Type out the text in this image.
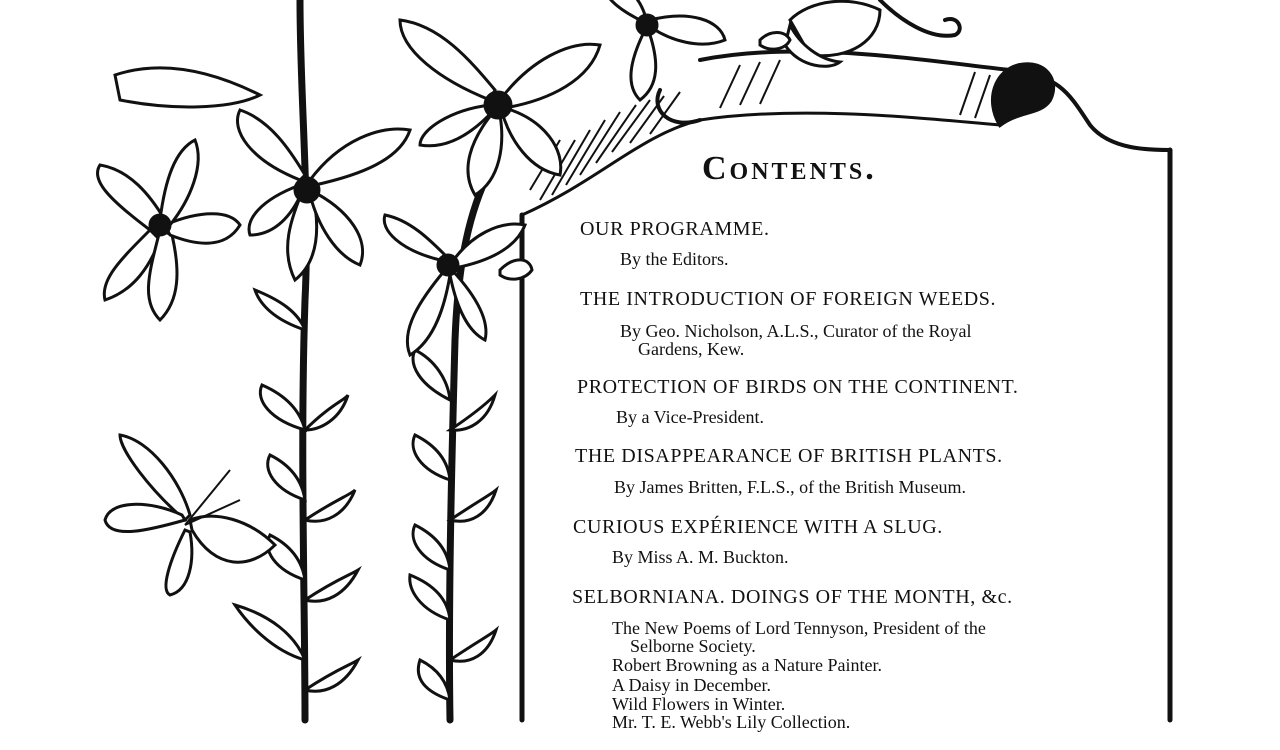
Contents.
OUR PROGRAMME.
By the Editors.
THE INTRODUCTION OF FOREIGN WEEDS.
By Geo. Nicholson, A.L.S., Curator of the Royal
Gardens, Kew.
PROTECTION OF BIRDS ON THE CONTINENT.
By a Vice-President.
THE DISAPPEARANCE OF BRITISH PLANTS.
By James Britten, F.L.S., of the British Museum.
CURIOUS EXPÉRIENCE WITH A SLUG.
By Miss A. M. Buckton.
SELBORNIANA. DOINGS OF THE MONTH, &c.
The New Poems of Lord Tennyson, President of the
Selborne Society.
Robert Browning as a Nature Painter.
A Daisy in December.
Wild Flowers in Winter.
Mr. T. E. Webb's Lily Collection.
